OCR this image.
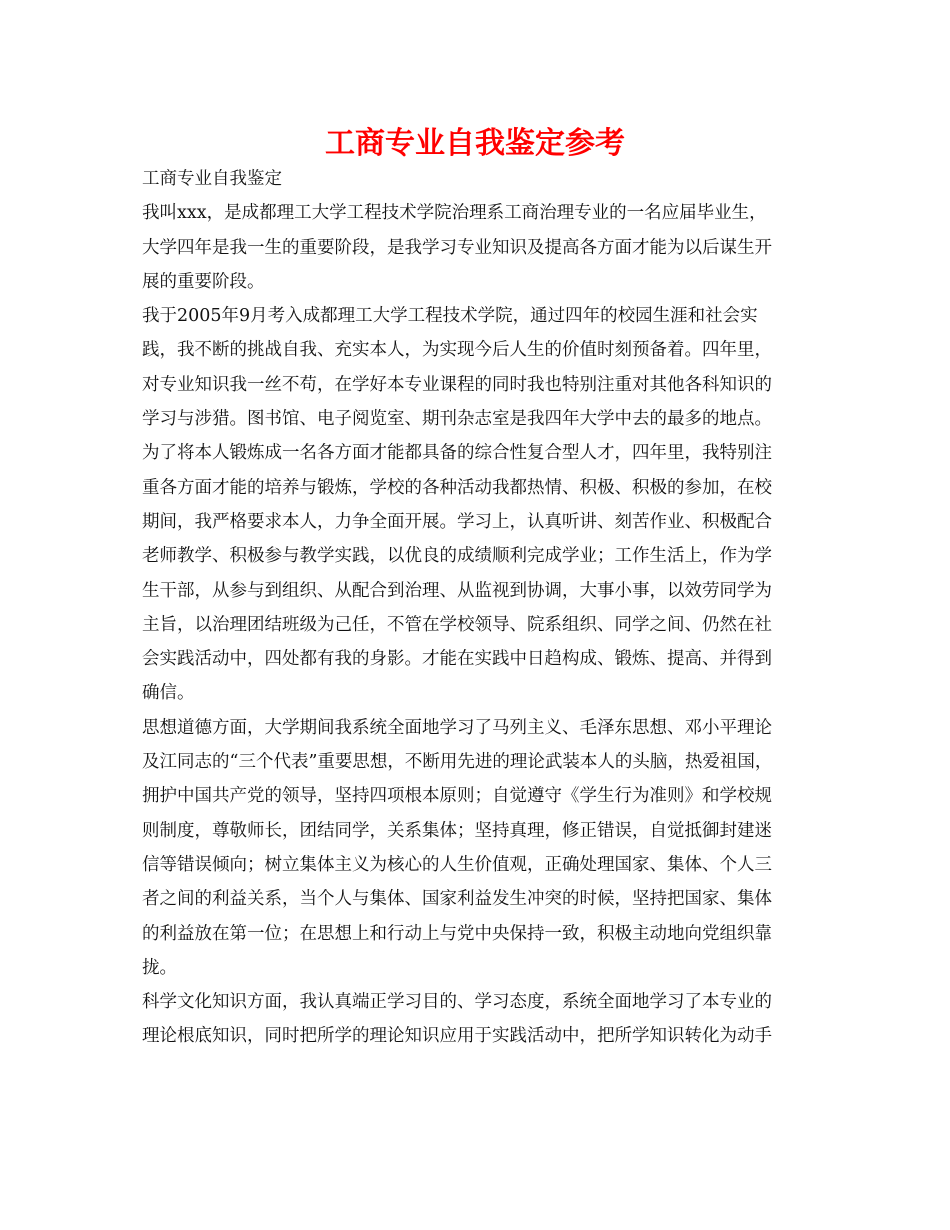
工商专业自我鉴定参考
工商专业自我鉴定
我叫xxx，是成都理工大学工程技术学院治理系工商治理专业的一名应届毕业生，
大学四年是我一生的重要阶段，是我学习专业知识及提高各方面才能为以后谋生开
展的重要阶段。
我于2005年9月考入成都理工大学工程技术学院，通过四年的校园生涯和社会实
践，我不断的挑战自我、充实本人，为实现今后人生的价值时刻预备着。四年里，
对专业知识我一丝不苟，在学好本专业课程的同时我也特别注重对其他各科知识的
学习与涉猎。图书馆、电子阅览室、期刊杂志室是我四年大学中去的最多的地点。
为了将本人锻炼成一名各方面才能都具备的综合性复合型人才，四年里，我特别注
重各方面才能的培养与锻炼，学校的各种活动我都热情、积极、积极的参加，在校
期间，我严格要求本人，力争全面开展。学习上，认真听讲、刻苦作业、积极配合
老师教学、积极参与教学实践，以优良的成绩顺利完成学业；工作生活上，作为学
生干部，从参与到组织、从配合到治理、从监视到协调，大事小事，以效劳同学为
主旨，以治理团结班级为己任，不管在学校领导、院系组织、同学之间、仍然在社
会实践活动中，四处都有我的身影。才能在实践中日趋构成、锻炼、提高、并得到
确信。
思想道德方面，大学期间我系统全面地学习了马列主义、毛泽东思想、邓小平理论
及江同志的“三个代表”重要思想，不断用先进的理论武装本人的头脑，热爱祖国，
拥护中国共产党的领导，坚持四项根本原则；自觉遵守《学生行为准则》和学校规
则制度，尊敬师长，团结同学，关系集体；坚持真理，修正错误，自觉抵御封建迷
信等错误倾向；树立集体主义为核心的人生价值观，正确处理国家、集体、个人三
者之间的利益关系，当个人与集体、国家利益发生冲突的时候，坚持把国家、集体
的利益放在第一位；在思想上和行动上与党中央保持一致，积极主动地向党组织靠
拢。
科学文化知识方面，我认真端正学习目的、学习态度，系统全面地学习了本专业的
理论根底知识，同时把所学的理论知识应用于实践活动中，把所学知识转化为动手
